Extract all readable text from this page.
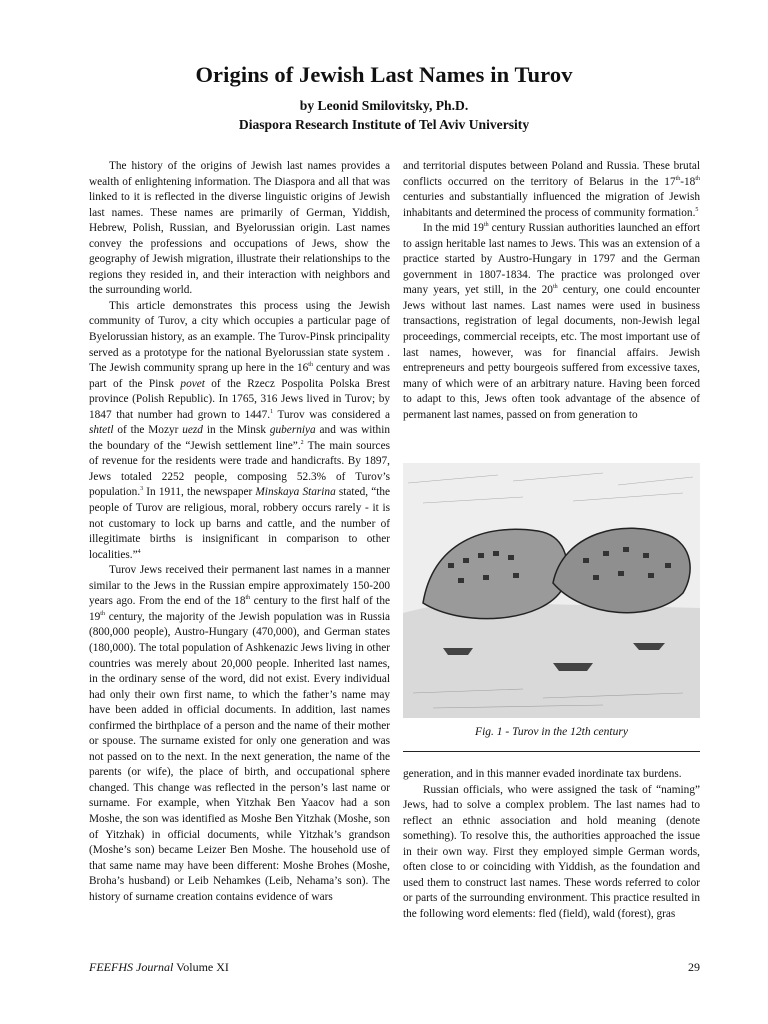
Origins of Jewish Last Names in Turov
by Leonid Smilovitsky, Ph.D.
Diaspora Research Institute of Tel Aviv University

The history of the origins of Jewish last names provides a wealth of enlightening information. The Diaspora and all that was linked to it is reflected in the diverse linguistic origins of Jewish last names. These names are primarily of German, Yiddish, Hebrew, Polish, Russian, and Byelorussian origin. Last names convey the professions and occupations of Jews, show the geography of Jewish migration, illustrate their relationships to the regions they resided in, and their interaction with neighbors and the surrounding world.

This article demonstrates this process using the Jewish community of Turov, a city which occupies a particular page of Byelorussian history, as an example. The Turov-Pinsk principality served as a prototype for the national Byelorussian state system . The Jewish community sprang up here in the 16th century and was part of the Pinsk povet of the Rzecz Pospolita Polska Brest province (Polish Republic). In 1765, 316 Jews lived in Turov; by 1847 that number had grown to 1447.$^1$ Turov was considered a shtetl of the Mozyr uezd in the Minsk guberniya and was within the boundary of the “Jewish settlement line”.$^2$ The main sources of revenue for the residents were trade and handicrafts. By 1897, Jews totaled 2252 people, composing 52.3% of Turov’s population.$^3$ In 1911, the newspaper Minskaya Starina stated, “the people of Turov are religious, moral, robbery occurs rarely - it is not customary to lock up barns and cattle, and the number of illegitimate births is insignificant in comparison to other localities.”$^4$

Turov Jews received their permanent last names in a manner similar to the Jews in the Russian empire approximately 150-200 years ago. From the end of the 18th century to the first half of the 19th century, the majority of the Jewish population was in Russia (800,000 people), Austro-Hungary (470,000), and German states (180,000). The total population of Ashkenazic Jews living in other countries was merely about 20,000 people. Inherited last names, in the ordinary sense of the word, did not exist. Every individual had only their own first name, to which the father’s name may have been added in official documents. In addition, last names confirmed the birthplace of a person and the name of their mother or spouse. The surname existed for only one generation and was not passed on to the next. In the next generation, the name of the parents (or wife), the place of birth, and occupational sphere changed. This change was reflected in the person’s last name or surname. For example, when Yitzhak Ben Yaacov had a son Moshe, the son was identified as Moshe Ben Yitzhak (Moshe, son of Yitzhak) in official documents, while Yitzhak’s grandson (Moshe’s son) became Leizer Ben Moshe. The household use of that same name may have been different: Moshe Brohes (Moshe, Broha’s husband) or Leib Nehamkes (Leib, Nehama’s son). The history of surname creation contains evidence of wars

and territorial disputes between Poland and Russia. These brutal conflicts occurred on the territory of Belarus in the 17th-18th centuries and substantially influenced the migration of Jewish inhabitants and determined the process of community formation.$^5$

In the mid 19th century Russian authorities launched an effort to assign heritable last names to Jews. This was an extension of a practice started by Austro-Hungary in 1797 and the German government in 1807-1834. The practice was prolonged over many years, yet still, in the 20th century, one could encounter Jews without last names. Last names were used in business transactions, registration of legal documents, non-Jewish legal proceedings, commercial receipts, etc. The most important use of last names, however, was for financial affairs. Jewish entrepreneurs and petty bourgeois suffered from excessive taxes, many of which were of an arbitrary nature. Having been forced to adapt to this, Jews often took advantage of the absence of permanent last names, passed on from generation to

Fig. 1 - Turov in the 12th century

generation, and in this manner evaded inordinate tax burdens.

Russian officials, who were assigned the task of “naming” Jews, had to solve a complex problem. The last names had to reflect an ethnic association and hold meaning (denote something). To resolve this, the authorities approached the issue in their own way. First they employed simple German words, often close to or coinciding with Yiddish, as the foundation and used them to construct last names. These words referred to color or parts of the surrounding environment. This practice resulted in the following word elements: fled (field), wald (forest), gras

FEEFHS Journal Volume XI	29
